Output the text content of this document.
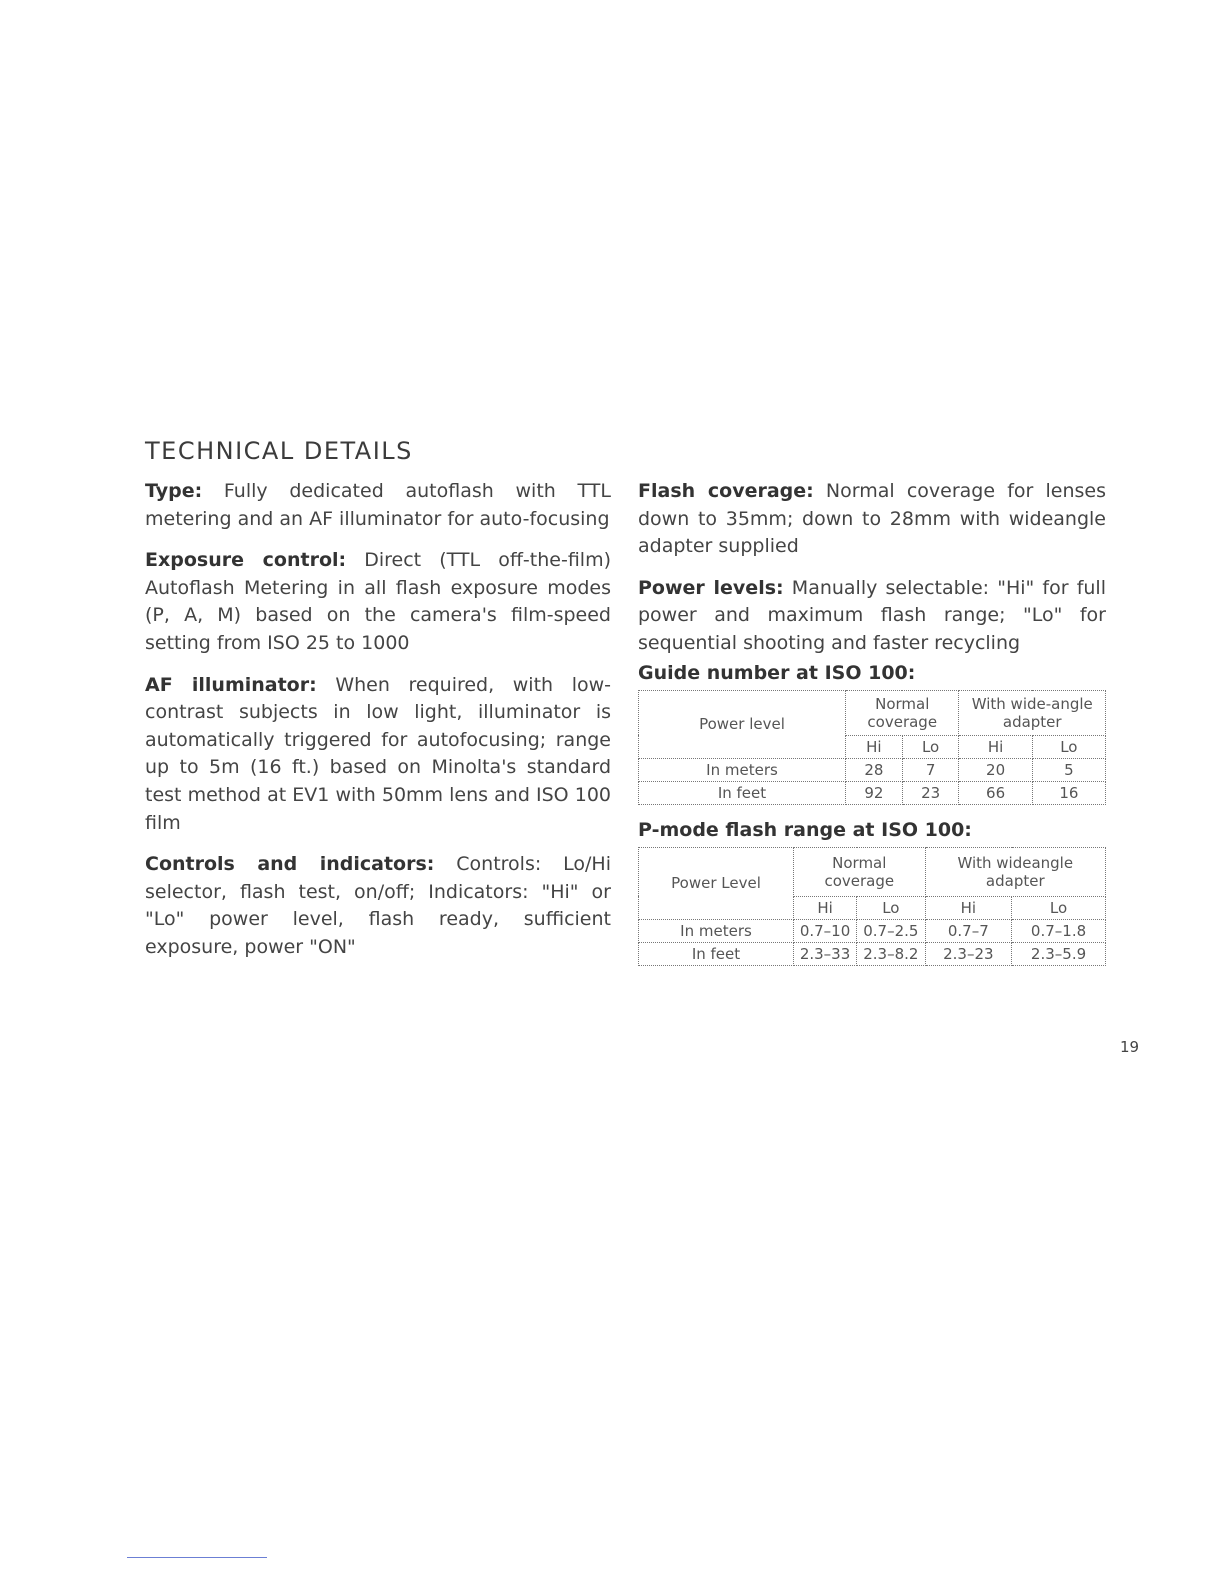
TECHNICAL DETAILS

Type: Fully dedicated autoflash with TTL metering and an AF illuminator for auto-focusing

Exposure control: Direct (TTL off-the-film) Autoflash Metering in all flash exposure modes (P, A, M) based on the camera's film-speed setting from ISO 25 to 1000

AF illuminator: When required, with low-contrast subjects in low light, illuminator is automatically triggered for autofocusing; range up to 5m (16 ft.) based on Minolta's standard test method at EV1 with 50mm lens and ISO 100 film

Controls and indicators: Controls: Lo/Hi selector, flash test, on/off; Indicators: "Hi" or "Lo" power level, flash ready, sufficient exposure, power "ON"

Flash coverage: Normal coverage for lenses down to 35mm; down to 28mm with wideangle adapter supplied

Power levels: Manually selectable: "Hi" for full power and maximum flash range; "Lo" for sequential shooting and faster recycling

Guide number at ISO 100:
Power level	Normal coverage		With wide-angle adapter	
	Hi	Lo	Hi	Lo
In meters	28	7	20	5
In feet	92	23	66	16
P-mode flash range at ISO 100:
Power Level	Normal coverage		With wideangle adapter	
	Hi	Lo	Hi	Lo
In meters	0.7–10	0.7–2.5	0.7–7	0.7–1.8
In feet	2.3–33	2.3–8.2	2.3–23	2.3–5.9
19
